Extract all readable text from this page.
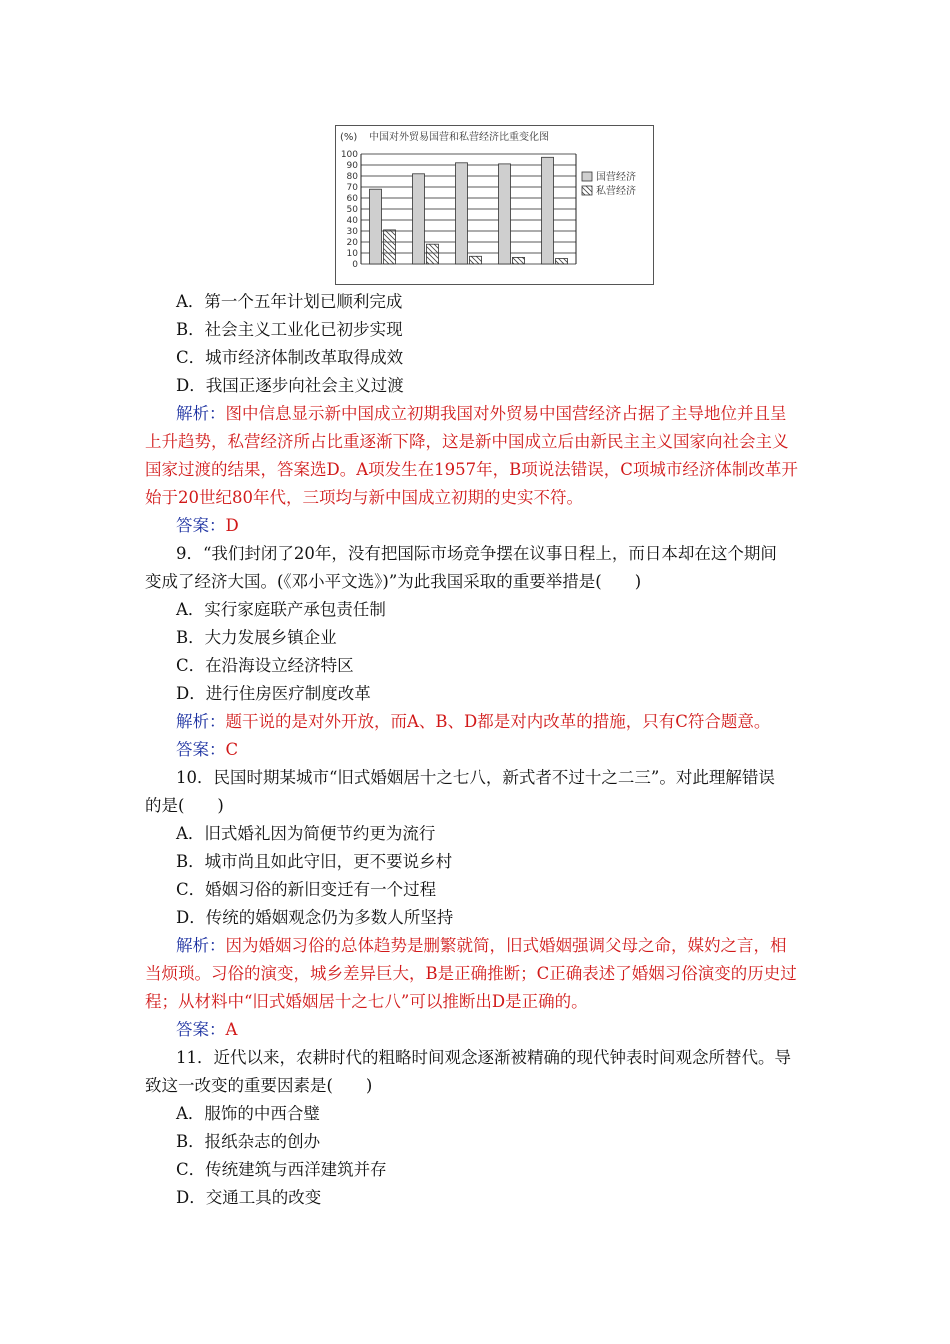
(%) 中国对外贸易国营和私营经济比重变化图
0
10
20
30
40
50
60
70
80
90
100
国营经济
私营经济
A．第一个五年计划已顺利完成
B．社会主义工业化已初步实现
C．城市经济体制改革取得成效
D．我国正逐步向社会主义过渡
解析：图中信息显示新中国成立初期我国对外贸易中国营经济占据了主导地位并且呈
上升趋势，私营经济所占比重逐渐下降，这是新中国成立后由新民主主义国家向社会主义
国家过渡的结果，答案选D。A项发生在1957年，B项说法错误，C项城市经济体制改革开
始于20世纪80年代，三项均与新中国成立初期的史实不符。
答案：D
9．“我们封闭了20年，没有把国际市场竞争摆在议事日程上，而日本却在这个期间
变成了经济大国。(《邓小平文选》)”为此我国采取的重要举措是(　　)
A．实行家庭联产承包责任制
B．大力发展乡镇企业
C．在沿海设立经济特区
D．进行住房医疗制度改革
解析：题干说的是对外开放，而A、B、D都是对内改革的措施，只有C符合题意。
答案：C
10．民国时期某城市“旧式婚姻居十之七八，新式者不过十之二三”。对此理解错误
的是(　　)
A．旧式婚礼因为简便节约更为流行
B．城市尚且如此守旧，更不要说乡村
C．婚姻习俗的新旧变迁有一个过程
D．传统的婚姻观念仍为多数人所坚持
解析：因为婚姻习俗的总体趋势是删繁就简，旧式婚姻强调父母之命，媒妁之言，相
当烦琐。习俗的演变，城乡差异巨大，B是正确推断；C正确表述了婚姻习俗演变的历史过
程；从材料中“旧式婚姻居十之七八”可以推断出D是正确的。
答案：A
11．近代以来，农耕时代的粗略时间观念逐渐被精确的现代钟表时间观念所替代。导
致这一改变的重要因素是(　　)
A．服饰的中西合璧
B．报纸杂志的创办
C．传统建筑与西洋建筑并存
D．交通工具的改变
